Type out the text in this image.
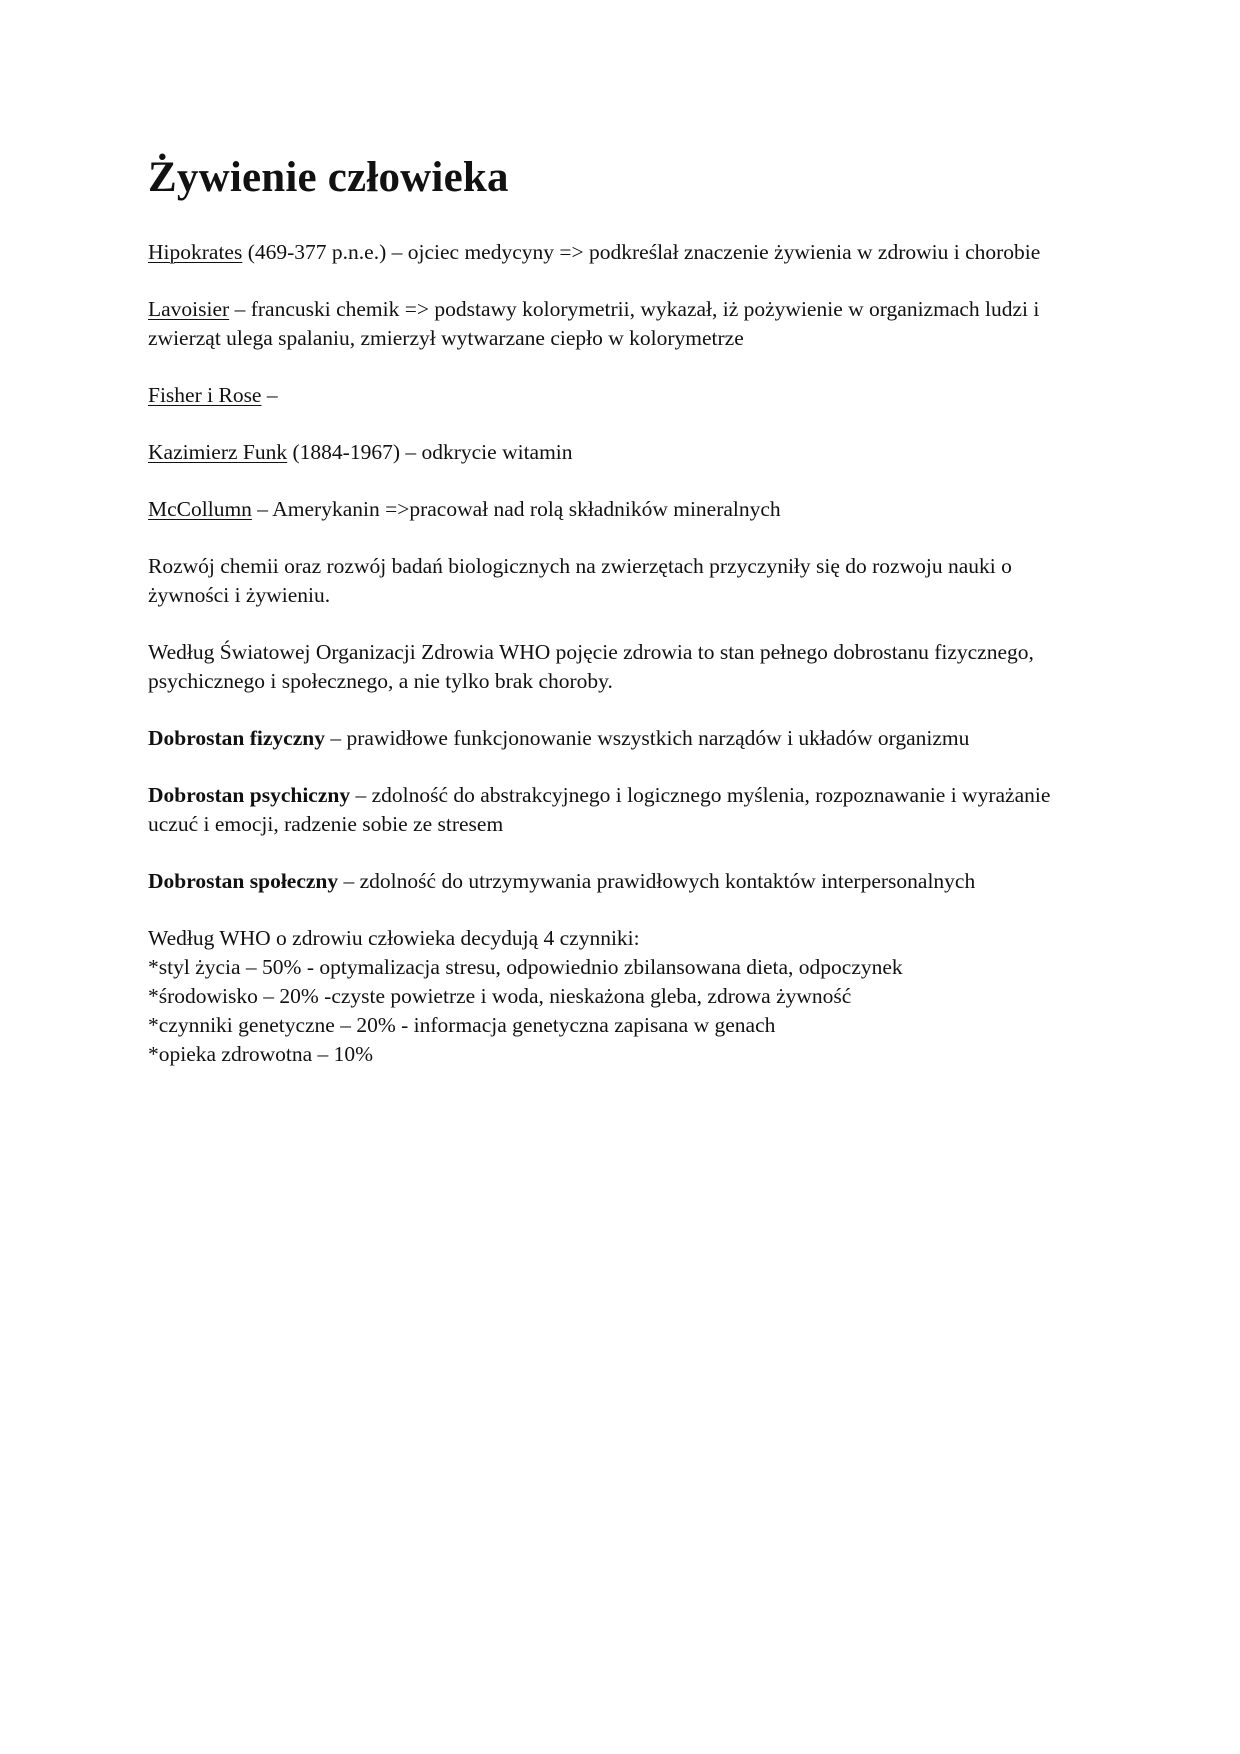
Żywienie człowieka

Hipokrates (469-377 p.n.e.) – ojciec medycyny => podkreślał znaczenie żywienia w zdrowiu i chorobie

Lavoisier – francuski chemik => podstawy kolorymetrii, wykazał, iż pożywienie w organizmach ludzi i zwierząt ulega spalaniu, zmierzył wytwarzane ciepło w kolorymetrze

Fisher i Rose –

Kazimierz Funk (1884-1967) – odkrycie witamin

McCollumn – Amerykanin =>pracował nad rolą składników mineralnych

Rozwój chemii oraz rozwój badań biologicznych na zwierzętach przyczyniły się do rozwoju nauki o żywności i żywieniu.

Według Światowej Organizacji Zdrowia WHO pojęcie zdrowia to stan pełnego dobrostanu fizycznego, psychicznego i społecznego, a nie tylko brak choroby.

Dobrostan fizyczny – prawidłowe funkcjonowanie wszystkich narządów i układów organizmu

Dobrostan psychiczny – zdolność do abstrakcyjnego i logicznego myślenia, rozpoznawanie i wyrażanie uczuć i emocji, radzenie sobie ze stresem

Dobrostan społeczny – zdolność do utrzymywania prawidłowych kontaktów interpersonalnych

Według WHO o zdrowiu człowieka decydują 4 czynniki:
*styl życia – 50% - optymalizacja stresu, odpowiednio zbilansowana dieta, odpoczynek
*środowisko – 20% -czyste powietrze i woda, nieskażona gleba, zdrowa żywność
*czynniki genetyczne – 20% - informacja genetyczna zapisana w genach
*opieka zdrowotna – 10%
